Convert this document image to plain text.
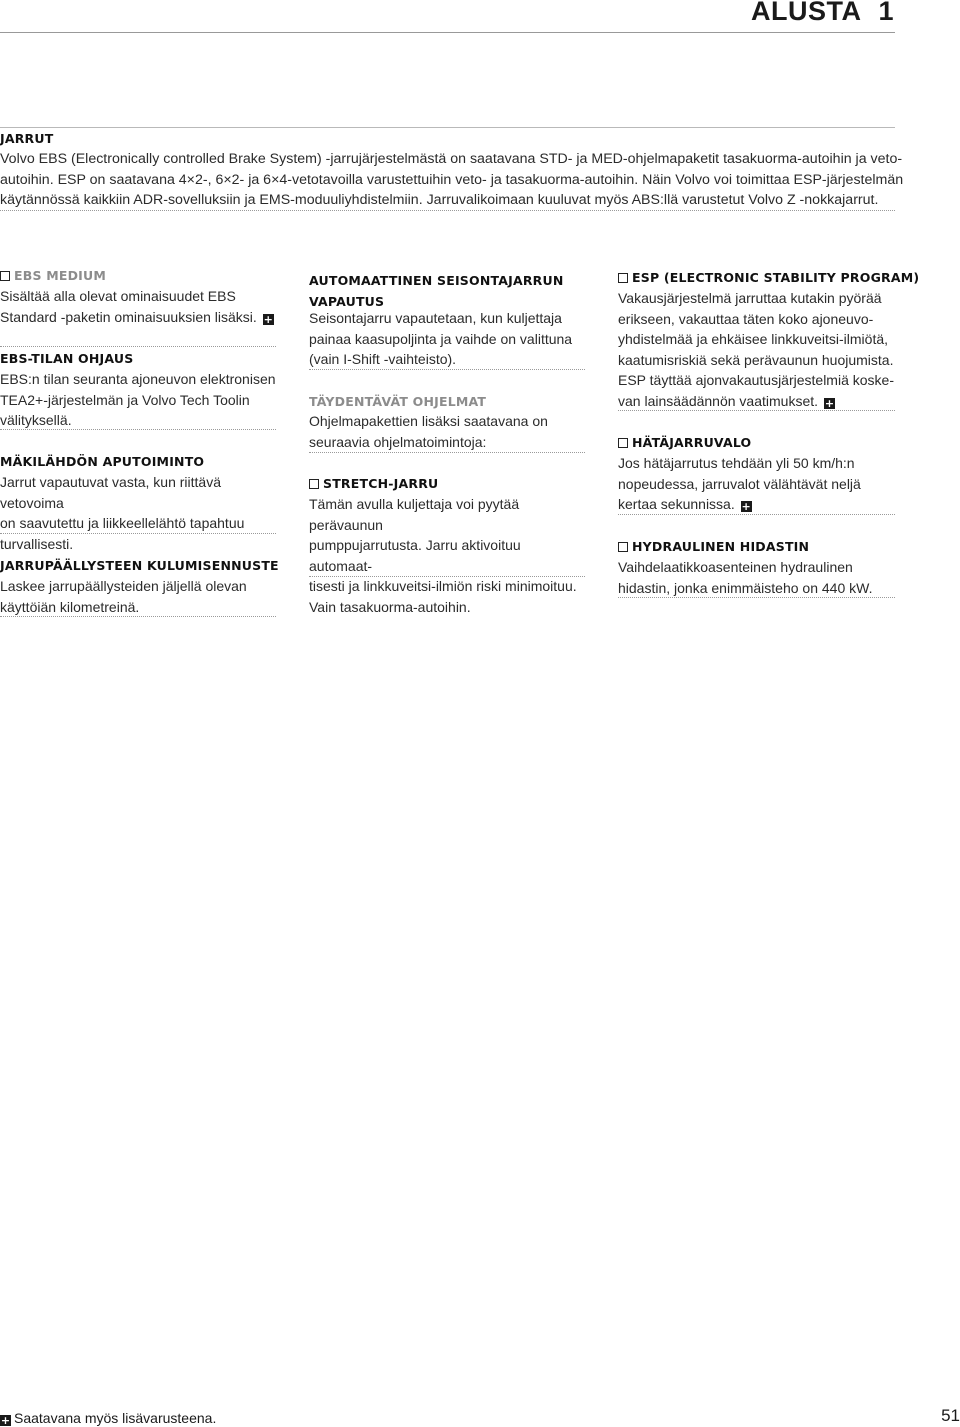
ALUSTA 1
JARRUT
Volvo EBS (Electronically controlled Brake System) -jarrujärjestelmästä on saatavana STD- ja MED-ohjelmapaketit tasakuorma-autoihin ja veto-
autoihin. ESP on saatavana 4×2-, 6×2- ja 6×4-vetotavoilla varustettuihin veto- ja tasakuorma-autoihin. Näin Volvo voi toimittaa ESP-järjestelmän
käytännössä kaikkiin ADR-sovelluksiin ja EMS-moduuliyhdistelmiin. Jarruvalikoimaan kuuluvat myös ABS:llä varustetut Volvo Z -nokkajarrut.
EBS MEDIUM
Sisältää alla olevat ominaisuudet EBS
Standard -paketin ominaisuuksien lisäksi. +
EBS-TILAN OHJAUS
EBS:n tilan seuranta ajoneuvon elektronisen
TEA2+-järjestelmän ja Volvo Tech Toolin
välityksellä.
MÄKILÄHDÖN APUTOIMINTO
Jarrut vapautuvat vasta, kun riittävä vetovoima
on saavutettu ja liikkeellelähtö tapahtuu
turvallisesti.
JARRUPÄÄLLYSTEEN KULUMISENNUSTE
Laskee jarrupäällysteiden jäljellä olevan
käyttöiän kilometreinä.
AUTOMAATTINEN SEISONTAJARRUN
VAPAUTUS
Seisontajarru vapautetaan, kun kuljettaja
painaa kaasupoljinta ja vaihde on valittuna
(vain I-Shift -vaihteisto).
TÄYDENTÄVÄT OHJELMAT
Ohjelmapakettien lisäksi saatavana on
seuraavia ohjelmatoimintoja:
STRETCH-JARRU
Tämän avulla kuljettaja voi pyytää perävaunun
pumppujarrutusta. Jarru aktivoituu automaat-
tisesti ja linkkuveitsi-ilmiön riski minimoituu.
Vain tasakuorma-autoihin.
ESP (ELECTRONIC STABILITY PROGRAM)
Vakausjärjestelmä jarruttaa kutakin pyörää
erikseen, vakauttaa täten koko ajoneuvo-
yhdistelmää ja ehkäisee linkkuveitsi-ilmiötä,
kaatumisriskiä sekä perävaunun huojumista.
ESP täyttää ajonvakautusjärjestelmiä koske-
van lainsäädännön vaatimukset. +
HÄTÄJARRUVALO
Jos hätäjarrutus tehdään yli 50 km/h:n
nopeudessa, jarruvalot välähtävät neljä
kertaa sekunnissa. +
HYDRAULINEN HIDASTIN
Vaihdelaatikkoasenteinen hydraulinen
hidastin, jonka enimmäisteho on 440 kW.
+ Saatavana myös lisävarusteena.	51
